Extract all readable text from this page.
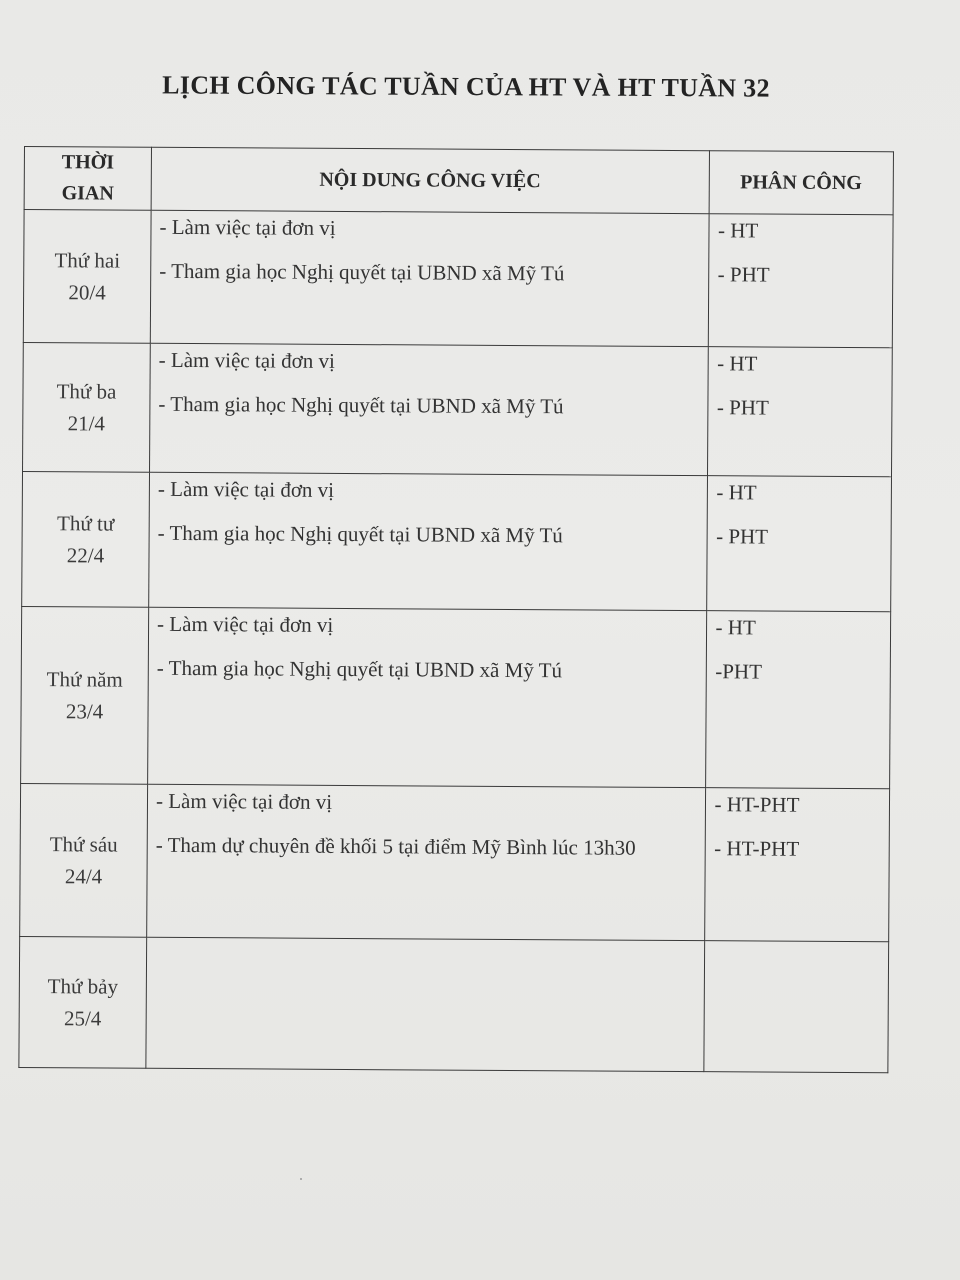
LỊCH CÔNG TÁC TUẦN CỦA HT VÀ HT TUẦN 32
THỜI
GIAN	NỘI DUNG CÔNG VIỆC	PHÂN CÔNG

Thứ hai
20/4	- Làm việc tại đơn vị
- Tham gia học Nghị quyết tại UBND xã Mỹ Tú	- HT
- PHT

Thứ ba
21/4	- Làm việc tại đơn vị
- Tham gia học Nghị quyết tại UBND xã Mỹ Tú	- HT
- PHT

Thứ tư
22/4	- Làm việc tại đơn vị
- Tham gia học Nghị quyết tại UBND xã Mỹ Tú	- HT
- PHT

Thứ năm
23/4	- Làm việc tại đơn vị
- Tham gia học Nghị quyết tại UBND xã Mỹ Tú	- HT
-PHT

Thứ sáu
24/4	- Làm việc tại đơn vị
- Tham dự chuyên đề khối 5 tại điểm Mỹ Bình lúc 13h30	- HT-PHT
- HT-PHT

Thứ bảy
25/4		
